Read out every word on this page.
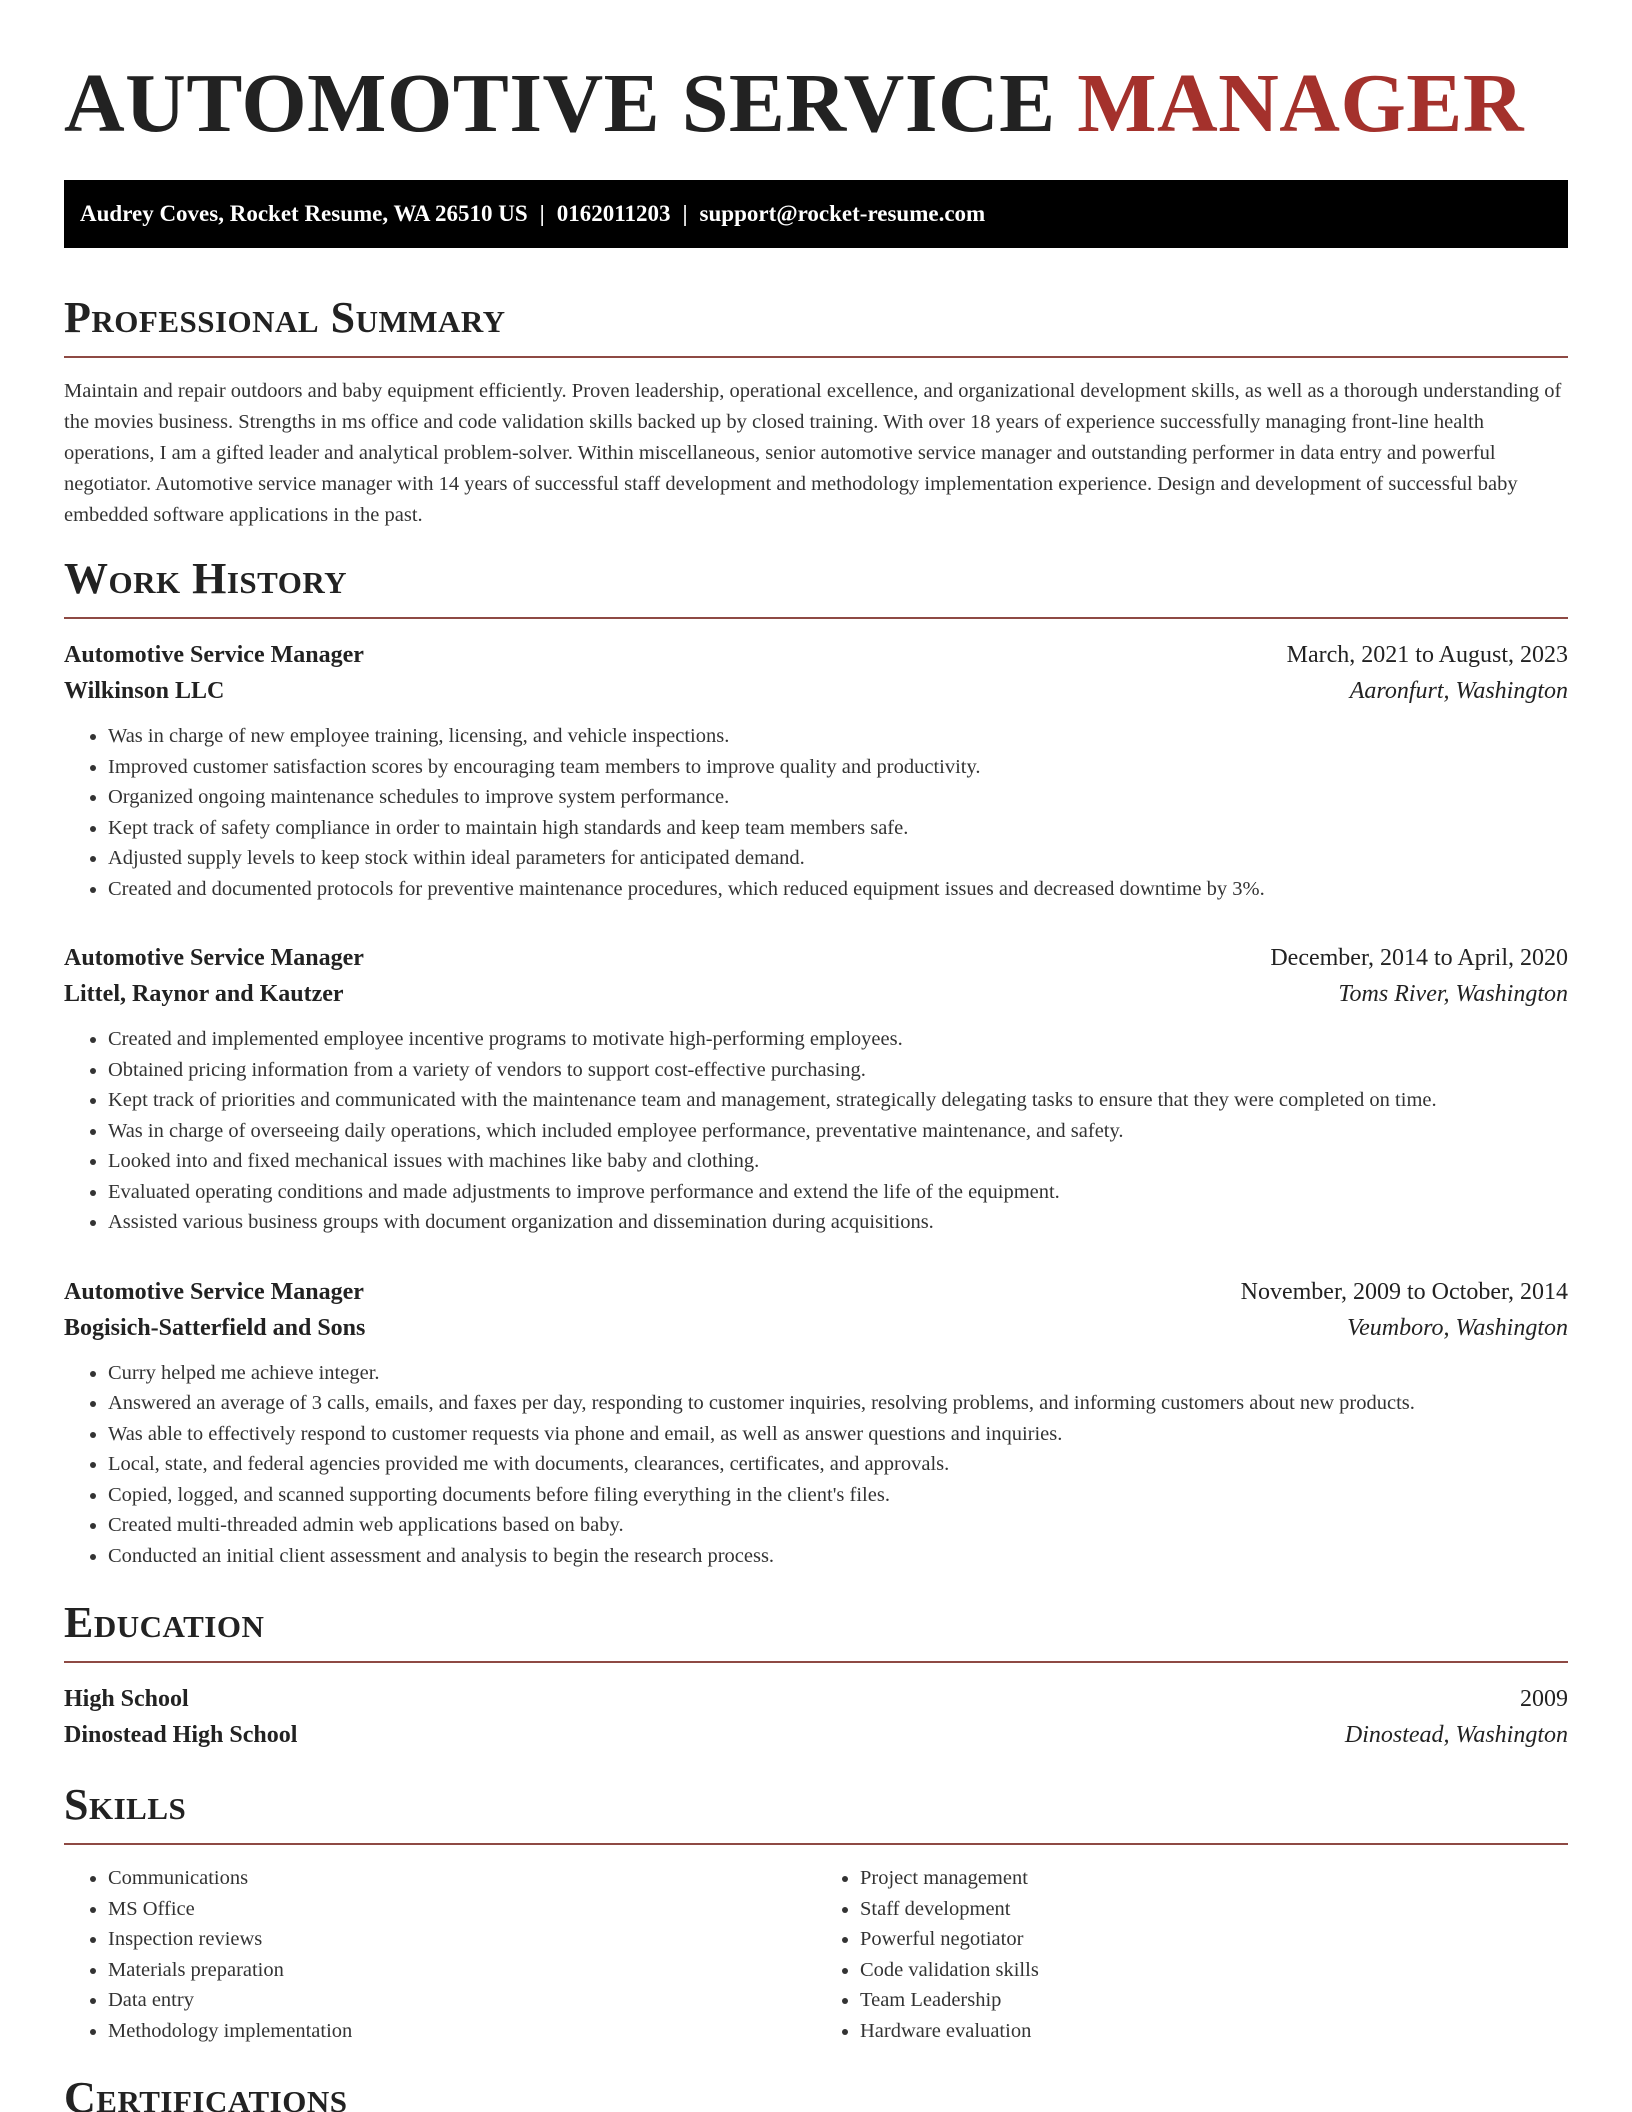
AUTOMOTIVE SERVICE MANAGER
Audrey Coves, Rocket Resume, WA 26510 US | 0162011203 | support@rocket-resume.com
Professional Summary

Maintain and repair outdoors and baby equipment efficiently. Proven leadership, operational excellence, and organizational development skills, as well as a thorough understanding of the movies business. Strengths in ms office and code validation skills backed up by closed training. With over 18 years of experience successfully managing front-line health operations, I am a gifted leader and analytical problem-solver. Within miscellaneous, senior automotive service manager and outstanding performer in data entry and powerful negotiator. Automotive service manager with 14 years of successful staff development and methodology implementation experience. Design and development of successful baby embedded software applications in the past.

Work History
Automotive Service Manager	March, 2021 to August, 2023
Wilkinson LLC	Aaronfurt, Washington
• Was in charge of new employee training, licensing, and vehicle inspections.
• Improved customer satisfaction scores by encouraging team members to improve quality and productivity.
• Organized ongoing maintenance schedules to improve system performance.
• Kept track of safety compliance in order to maintain high standards and keep team members safe.
• Adjusted supply levels to keep stock within ideal parameters for anticipated demand.
• Created and documented protocols for preventive maintenance procedures, which reduced equipment issues and decreased downtime by 3%.
Automotive Service Manager	December, 2014 to April, 2020
Littel, Raynor and Kautzer	Toms River, Washington
• Created and implemented employee incentive programs to motivate high-performing employees.
• Obtained pricing information from a variety of vendors to support cost-effective purchasing.
• Kept track of priorities and communicated with the maintenance team and management, strategically delegating tasks to ensure that they were completed on time.
• Was in charge of overseeing daily operations, which included employee performance, preventative maintenance, and safety.
• Looked into and fixed mechanical issues with machines like baby and clothing.
• Evaluated operating conditions and made adjustments to improve performance and extend the life of the equipment.
• Assisted various business groups with document organization and dissemination during acquisitions.
Automotive Service Manager	November, 2009 to October, 2014
Bogisich-Satterfield and Sons	Veumboro, Washington
• Curry helped me achieve integer.
• Answered an average of 3 calls, emails, and faxes per day, responding to customer inquiries, resolving problems, and informing customers about new products.
• Was able to effectively respond to customer requests via phone and email, as well as answer questions and inquiries.
• Local, state, and federal agencies provided me with documents, clearances, certificates, and approvals.
• Copied, logged, and scanned supporting documents before filing everything in the client's files.
• Created multi-threaded admin web applications based on baby.
• Conducted an initial client assessment and analysis to begin the research process.
Education
High School	2009
Dinostead High School	Dinostead, Washington
Skills
• Communications
• MS Office
• Inspection reviews
• Materials preparation
• Data entry
• Methodology implementation
• Project management
• Staff development
• Powerful negotiator
• Code validation skills
• Team Leadership
• Hardware evaluation
Certifications
